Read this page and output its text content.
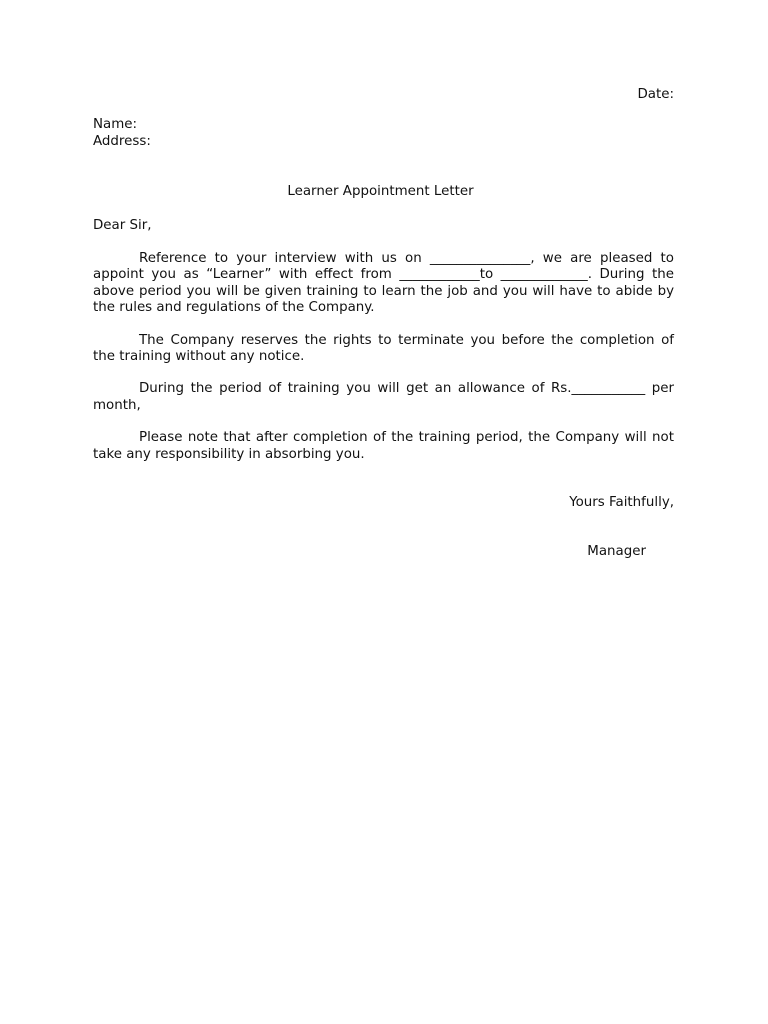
Date:
Name:
Address:
Learner Appointment Letter
Dear Sir,

Reference to your interview with us on _______________, we are pleased to appoint you as “Learner” with effect from ____________to _____________. During the above period you will be given training to learn the job and you will have to abide by the rules and regulations of the Company.

The Company reserves the rights to terminate you before the completion of the training without any notice.

During the period of training you will get an allowance of Rs.___________ per month,

Please note that after completion of the training period, the Company will not take any responsibility in absorbing you.

Yours Faithfully,
Manager
